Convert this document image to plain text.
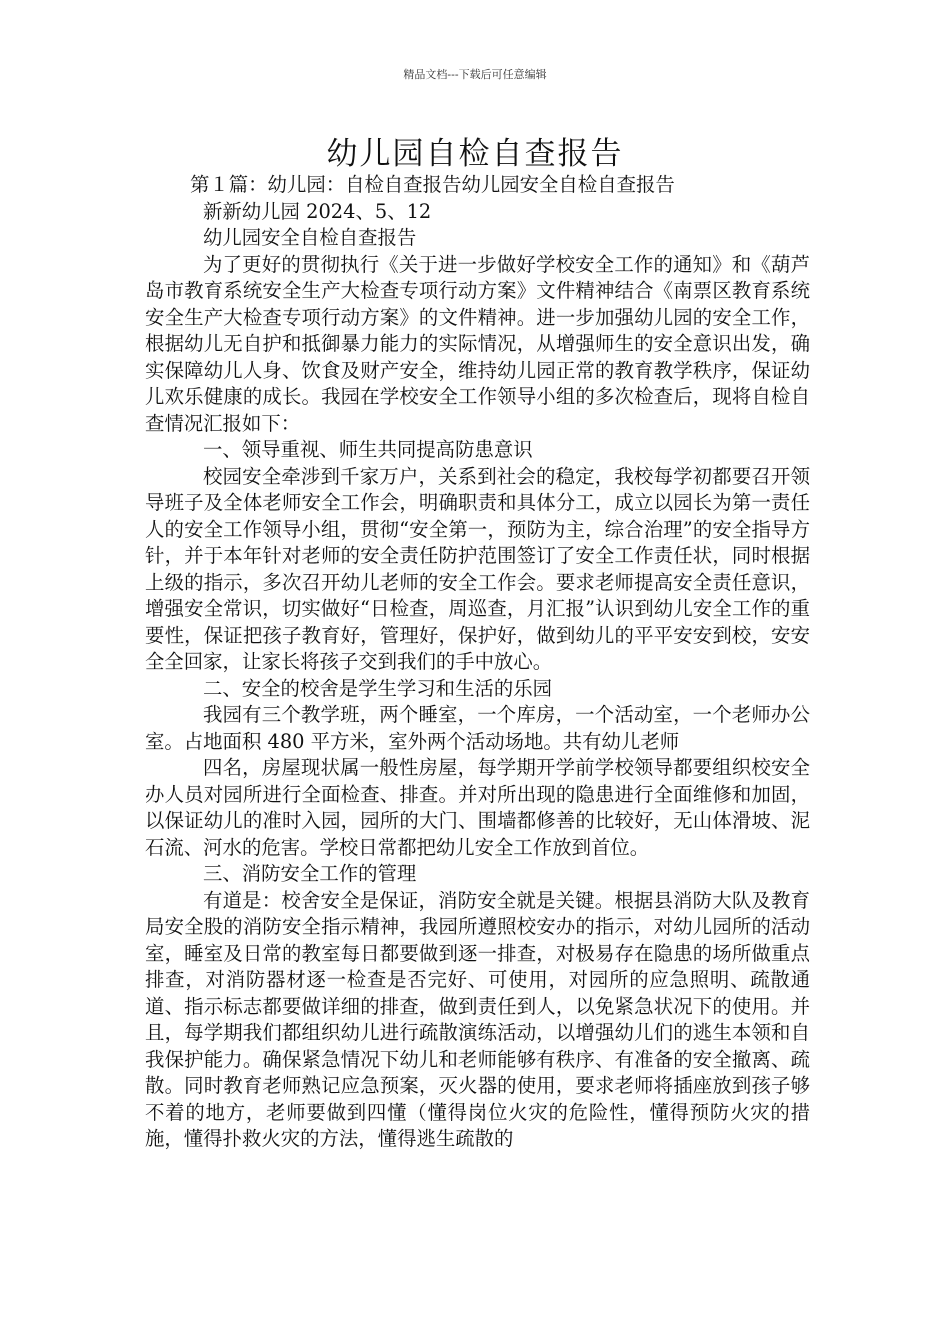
精品文档---下载后可任意编辑
幼儿园自检自查报告

第１篇：幼儿园：自检自查报告幼儿园安全自检自查报告

新新幼儿园 2024、5、12

幼儿园安全自检自查报告

为了更好的贯彻执行《关于进一步做好学校安全工作的通知》和《葫芦岛市教育系统安全生产大检查专项行动方案》文件精神结合《南票区教育系统安全生产大检查专项行动方案》的文件精神。进一步加强幼儿园的安全工作，根据幼儿无自护和抵御暴力能力的实际情况，从增强师生的安全意识出发，确实保障幼儿人身、饮食及财产安全，维持幼儿园正常的教育教学秩序，保证幼儿欢乐健康的成长。我园在学校安全工作领导小组的多次检查后，现将自检自查情况汇报如下：

一、领导重视、师生共同提高防患意识

校园安全牵涉到千家万户，关系到社会的稳定，我校每学初都要召开领导班子及全体老师安全工作会，明确职责和具体分工，成立以园长为第一责任人的安全工作领导小组，贯彻“安全第一，预防为主，综合治理”的安全指导方针，并于本年针对老师的安全责任防护范围签订了安全工作责任状，同时根据上级的指示，多次召开幼儿老师的安全工作会。要求老师提高安全责任意识，增强安全常识，切实做好“日检查，周巡查，月汇报”认识到幼儿安全工作的重要性，保证把孩子教育好，管理好，保护好，做到幼儿的平平安安到校，安安全全回家，让家长将孩子交到我们的手中放心。

二、安全的校舍是学生学习和生活的乐园

我园有三个教学班，两个睡室，一个库房，一个活动室，一个老师办公室。占地面积 480 平方米，室外两个活动场地。共有幼儿老师

四名，房屋现状属一般性房屋，每学期开学前学校领导都要组织校安全办人员对园所进行全面检查、排查。并对所出现的隐患进行全面维修和加固，以保证幼儿的准时入园，园所的大门、围墙都修善的比较好，无山体滑坡、泥石流、河水的危害。学校日常都把幼儿安全工作放到首位。

三、消防安全工作的管理

有道是：校舍安全是保证，消防安全就是关键。根据县消防大队及教育局安全股的消防安全指示精神，我园所遵照校安办的指示，对幼儿园所的活动室，睡室及日常的教室每日都要做到逐一排查，对极易存在隐患的场所做重点排查，对消防器材逐一检查是否完好、可使用，对园所的应急照明、疏散通道、指示标志都要做详细的排查，做到责任到人，以免紧急状况下的使用。并且，每学期我们都组织幼儿进行疏散演练活动，以增强幼儿们的逃生本领和自我保护能力。确保紧急情况下幼儿和老师能够有秩序、有准备的安全撤离、疏散。同时教育老师熟记应急预案，灭火器的使用，要求老师将插座放到孩子够 不着的地方，老师要做到四懂（懂得岗位火灾的危险性，懂得预防火灾的措施，懂得扑救火灾的方法，懂得逃生疏散的
